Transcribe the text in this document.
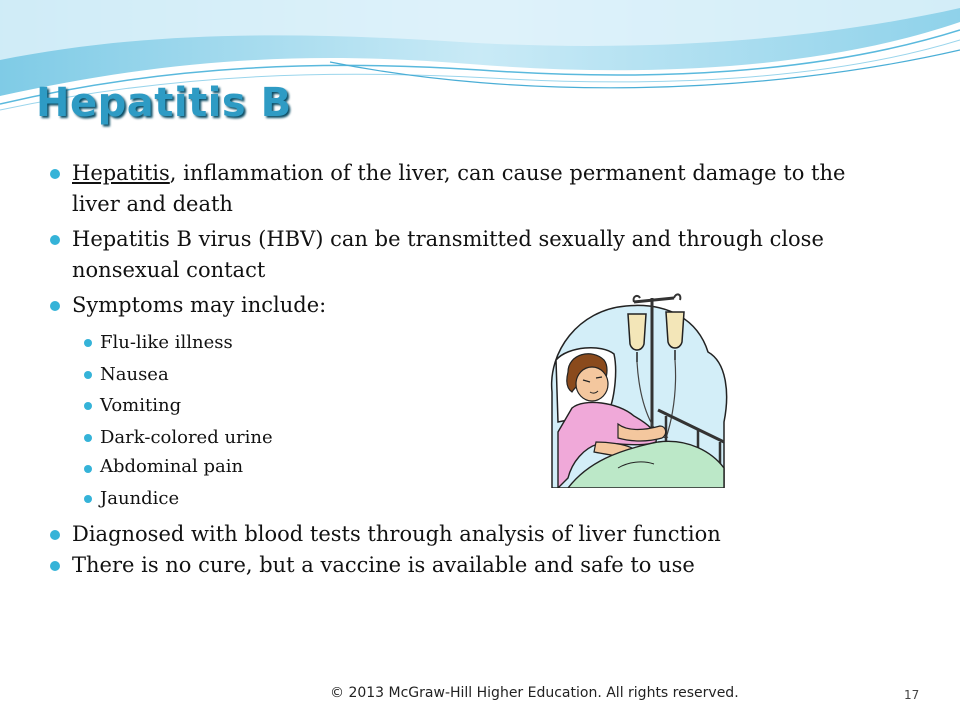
Hepatitis B
Hepatitis, inflammation of the liver, can cause permanent damage to the liver and death
Hepatitis B virus (HBV) can be transmitted sexually and through close nonsexual contact
Symptoms may include:
Flu-like illness
Nausea
Vomiting
Dark-colored urine
Abdominal pain
Jaundice
Diagnosed with blood tests through analysis of liver function
There is no cure, but a vaccine is available and safe to use
© 2013 McGraw-Hill Higher Education. All rights reserved.	17
